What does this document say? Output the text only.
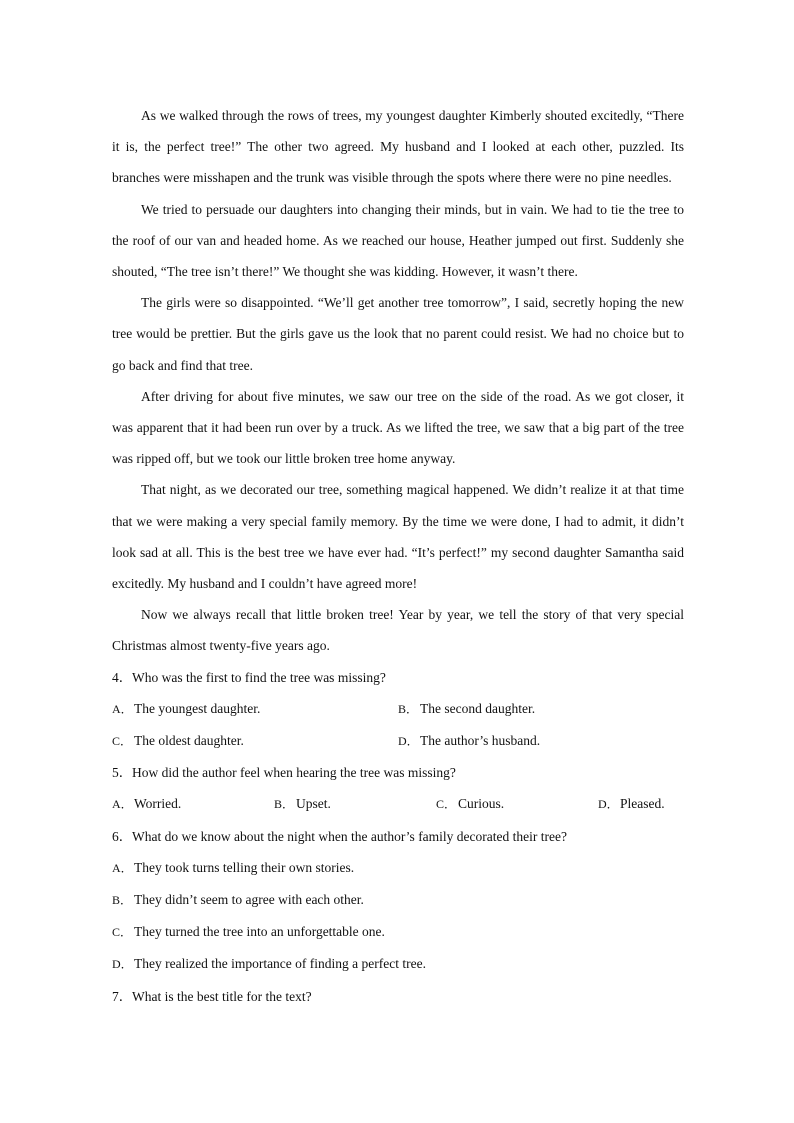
As we walked through the rows of trees, my youngest daughter Kimberly shouted excitedly, “There it is, the perfect tree!” The other two agreed. My husband and I looked at each other, puzzled. Its branches were misshapen and the trunk was visible through the spots where there were no pine needles.

We tried to persuade our daughters into changing their minds, but in vain. We had to tie the tree to the roof of our van and headed home. As we reached our house, Heather jumped out first. Suddenly she shouted, “The tree isn’t there!” We thought she was kidding. However, it wasn’t there.

The girls were so disappointed. “We’ll get another tree tomorrow”, I said, secretly hoping the new tree would be prettier. But the girls gave us the look that no parent could resist. We had no choice but to go back and find that tree.

After driving for about five minutes, we saw our tree on the side of the road. As we got closer, it was apparent that it had been run over by a truck. As we lifted the tree, we saw that a big part of the tree was ripped off, but we took our little broken tree home anyway.

That night, as we decorated our tree, something magical happened. We didn’t realize it at that time that we were making a very special family memory. By the time we were done, I had to admit, it didn’t look sad at all. This is the best tree we have ever had. “It’s perfect!” my second daughter Samantha said excitedly. My husband and I couldn’t have agreed more!

Now we always recall that little broken tree! Year by year, we tell the story of that very special Christmas almost twenty-five years ago.

4．Who was the first to find the tree was missing?
A．The youngest daughter.	B． The second daughter.
C． The oldest daughter.	D．The author’s husband.
5．How did the author feel when hearing the tree was missing?
A．Worried.	B． Upset.	C． Curious.	D．Pleased.
6．What do we know about the night when the author’s family decorated their tree?
A．They took turns telling their own stories.
B． They didn’t seem to agree with each other.
C． They turned the tree into an unforgettable one.
D．They realized the importance of finding a perfect tree.
7．What is the best title for the text?
